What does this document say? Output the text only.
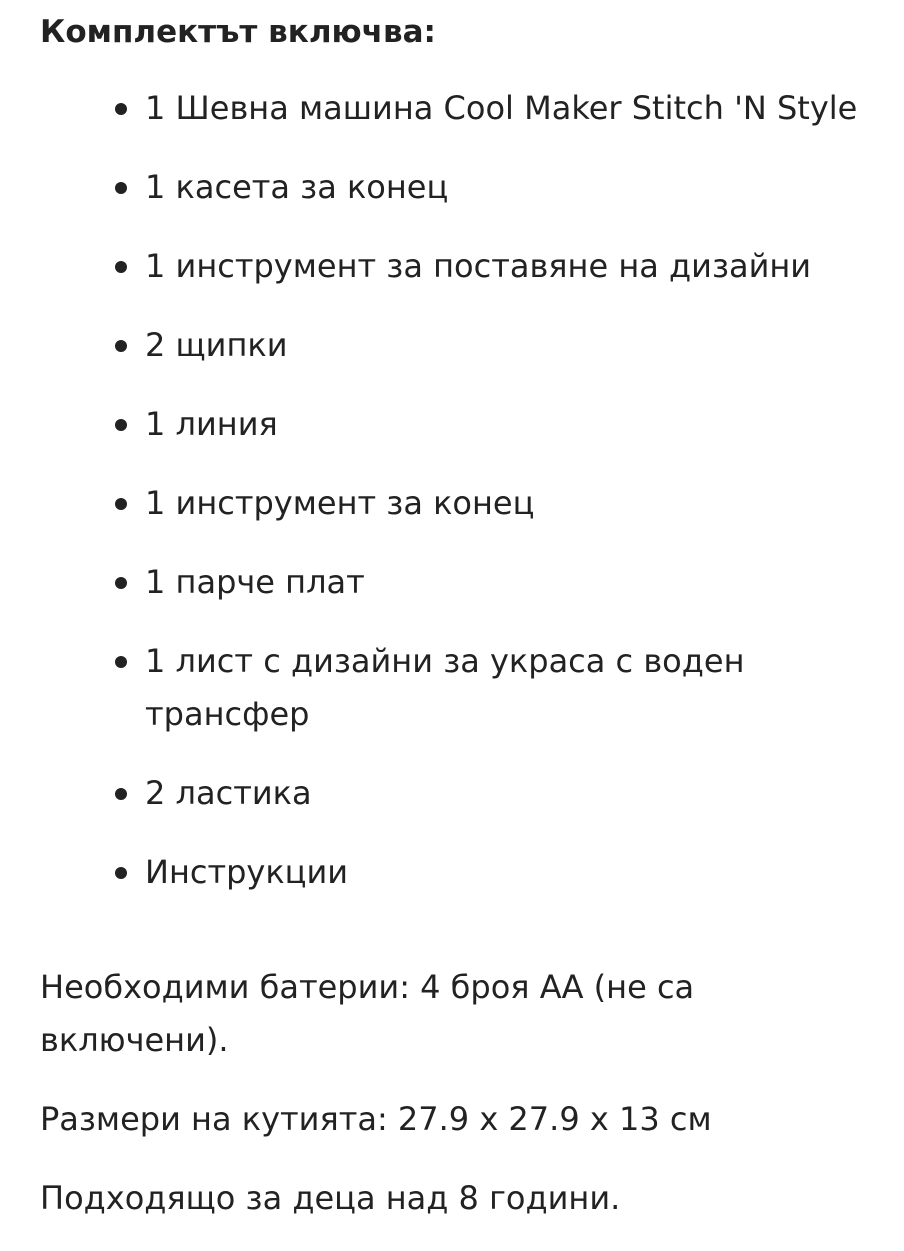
Комплектът включва:
1 Шевна машина Cool Maker Stitch 'N Style
1 касета за конец
1 инструмент за поставяне на дизайни
2 щипки
1 линия
1 инструмент за конец
1 парче плат
1 лист с дизайни за украса с воден трансфер
2 ластика
Инструкции

Необходими батерии: 4 броя АА (не са включени).

Размери на кутията: 27.9 x 27.9 x 13 см

Подходящо за деца над 8 години.
